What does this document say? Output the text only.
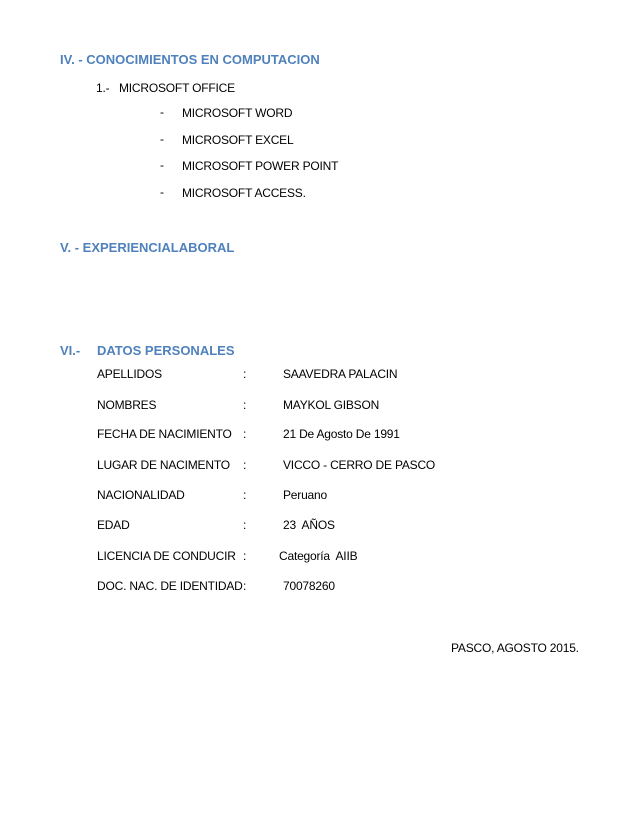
IV. - CONOCIMIENTOS EN COMPUTACION
1.- MICROSOFT OFFICE
- MICROSOFT WORD
- MICROSOFT EXCEL
- MICROSOFT POWER POINT
- MICROSOFT ACCESS.
V. - EXPERIENCIALABORAL
VI.- DATOS PERSONALES
APELLIDOS	:	SAAVEDRA PALACIN
NOMBRES	:	MAYKOL GIBSON
FECHA DE NACIMIENTO :	21 De Agosto De 1991
LUGAR DE NACIMENTO :	VICCO - CERRO DE PASCO
NACIONALIDAD	:	Peruano
EDAD	:	23  AÑOS
LICENCIA DE CONDUCIR :	Categoría  AIIB
DOC. NAC. DE IDENTIDAD :	70078260
PASCO, AGOSTO 2015.
